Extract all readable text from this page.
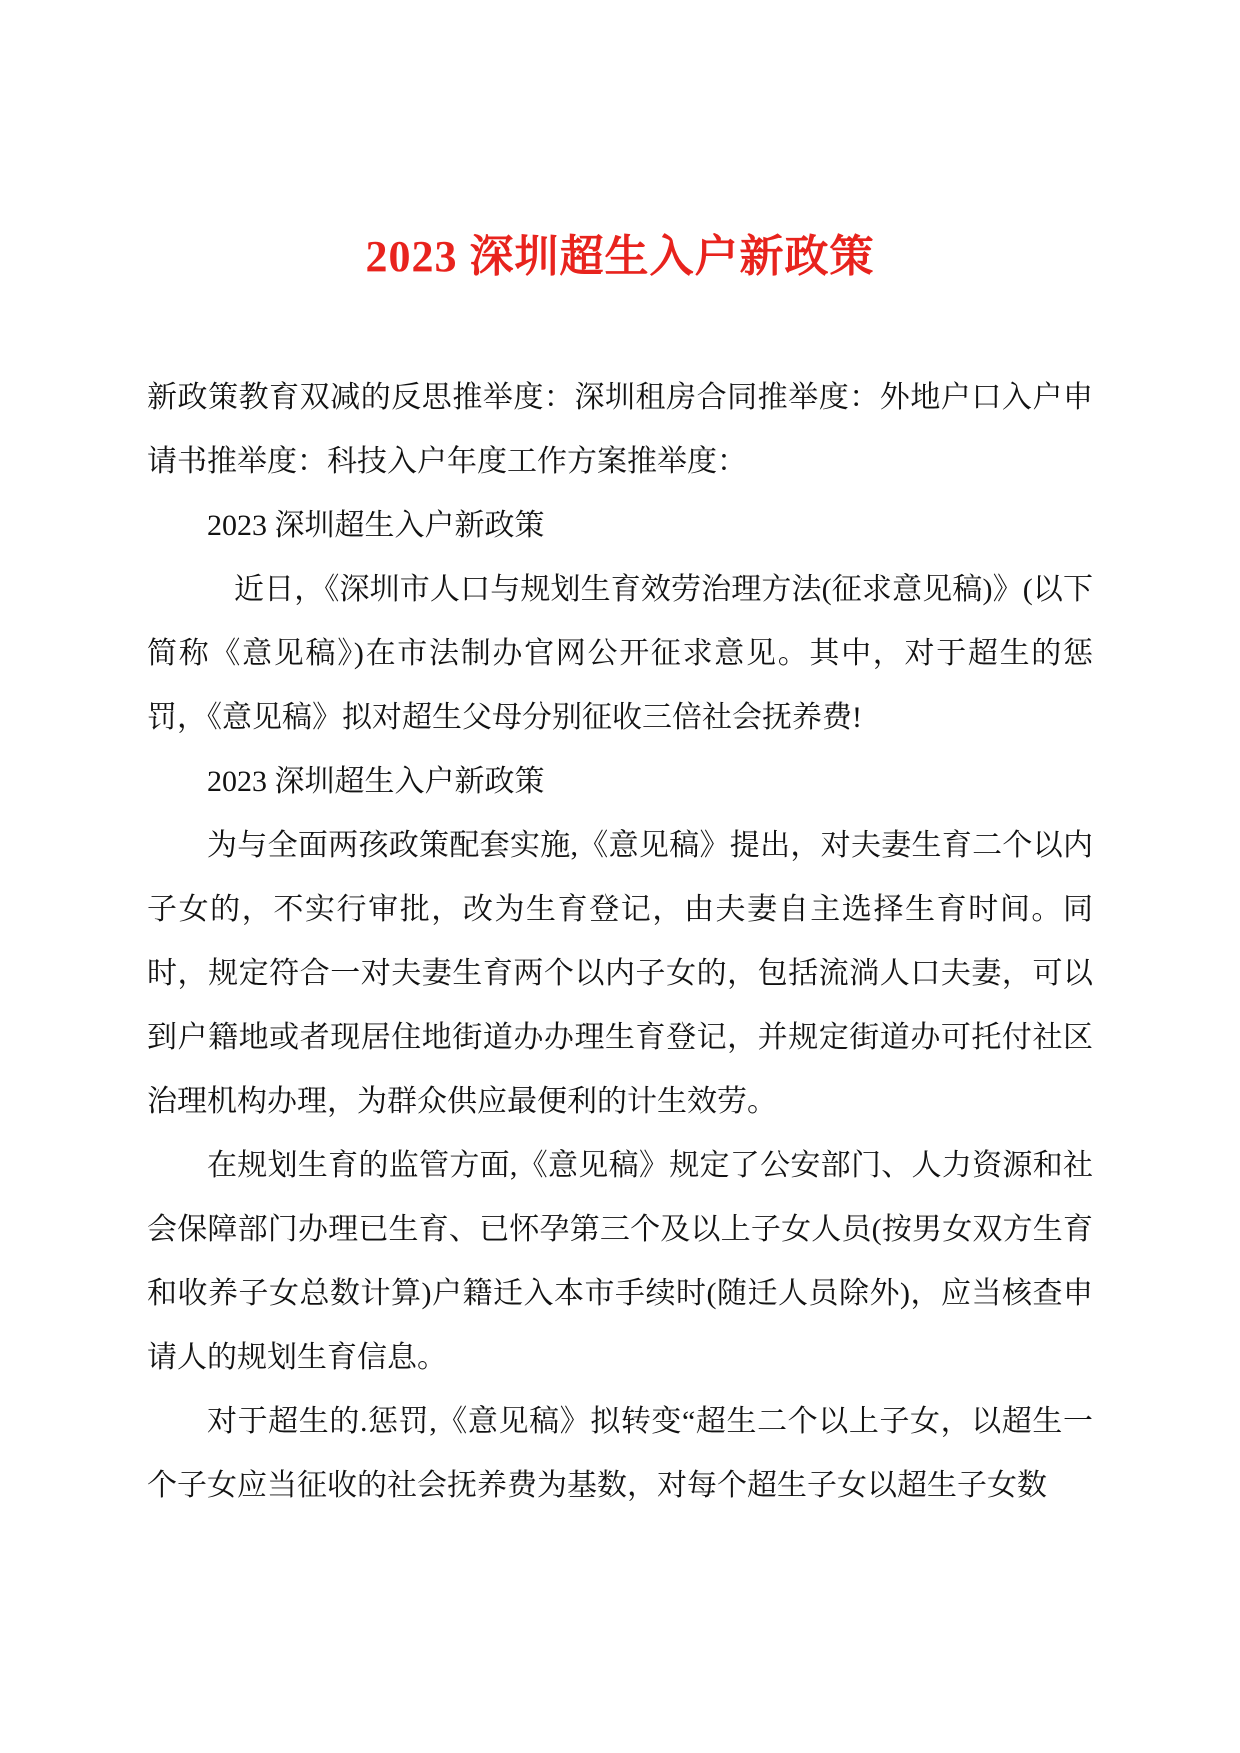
2023 深圳超生入户新政策

新政策教育双减的反思推举度：深圳租房合同推举度：外地户口入户申请书推举度：科技入户年度工作方案推举度：

2023 深圳超生入户新政策

近日，《深圳市人口与规划生育效劳治理方法(征求意见稿)》(以下简称《意见稿》)在市法制办官网公开征求意见。其中，对于超生的惩罚，《意见稿》拟对超生父母分别征收三倍社会抚养费!

2023 深圳超生入户新政策

为与全面两孩政策配套实施,《意见稿》提出，对夫妻生育二个以内子女的，不实行审批，改为生育登记，由夫妻自主选择生育时间。同时，规定符合一对夫妻生育两个以内子女的，包括流淌人口夫妻，可以到户籍地或者现居住地街道办办理生育登记，并规定街道办可托付社区治理机构办理，为群众供应最便利的计生效劳。

在规划生育的监管方面,《意见稿》规定了公安部门、人力资源和社会保障部门办理已生育、已怀孕第三个及以上子女人员(按男女双方生育和收养子女总数计算)户籍迁入本市手续时(随迁人员除外)，应当核查申请人的规划生育信息。

对于超生的.惩罚,《意见稿》拟转变“超生二个以上子女，以超生一个子女应当征收的社会抚养费为基数，对每个超生子女以超生子女数
